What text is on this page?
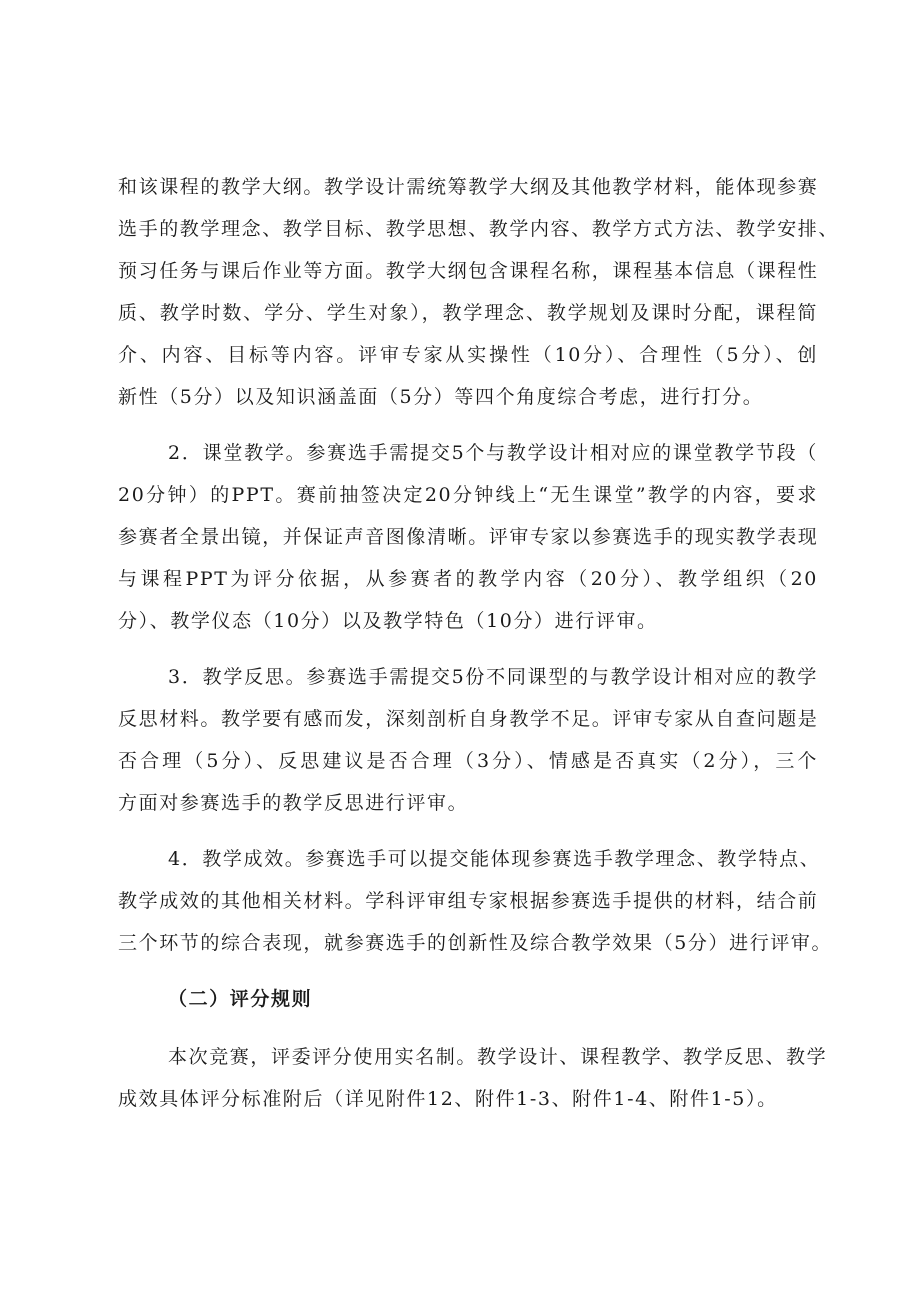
和该课程的教学大纲。教学设计需统筹教学大纲及其他教学材料，能体现参赛
选手的教学理念、教学目标、教学思想、教学内容、教学方式方法、教学安排、
预习任务与课后作业等方面。教学大纲包含课程名称，课程基本信息（课程性
质、教学时数、学分、学生对象），教学理念、教学规划及课时分配，课程简
介、内容、目标等内容。评审专家从实操性（10分）、合理性（5分）、创
新性（5分）以及知识涵盖面（5分）等四个角度综合考虑，进行打分。
2．课堂教学。参赛选手需提交5个与教学设计相对应的课堂教学节段（
20分钟）的PPT。赛前抽签决定20分钟线上“无生课堂”教学的内容，要求
参赛者全景出镜，并保证声音图像清晰。评审专家以参赛选手的现实教学表现
与课程PPT为评分依据，从参赛者的教学内容（20分）、教学组织（20
分）、教学仪态（10分）以及教学特色（10分）进行评审。
3．教学反思。参赛选手需提交5份不同课型的与教学设计相对应的教学
反思材料。教学要有感而发，深刻剖析自身教学不足。评审专家从自查问题是
否合理（5分）、反思建议是否合理（3分）、情感是否真实（2分），三个
方面对参赛选手的教学反思进行评审。
4．教学成效。参赛选手可以提交能体现参赛选手教学理念、教学特点、
教学成效的其他相关材料。学科评审组专家根据参赛选手提供的材料，结合前
三个环节的综合表现，就参赛选手的创新性及综合教学效果（5分）进行评审。
（二）评分规则
本次竞赛，评委评分使用实名制。教学设计、课程教学、教学反思、教学
成效具体评分标准附后（详见附件12、附件1-3、附件1-4、附件1-5）。
